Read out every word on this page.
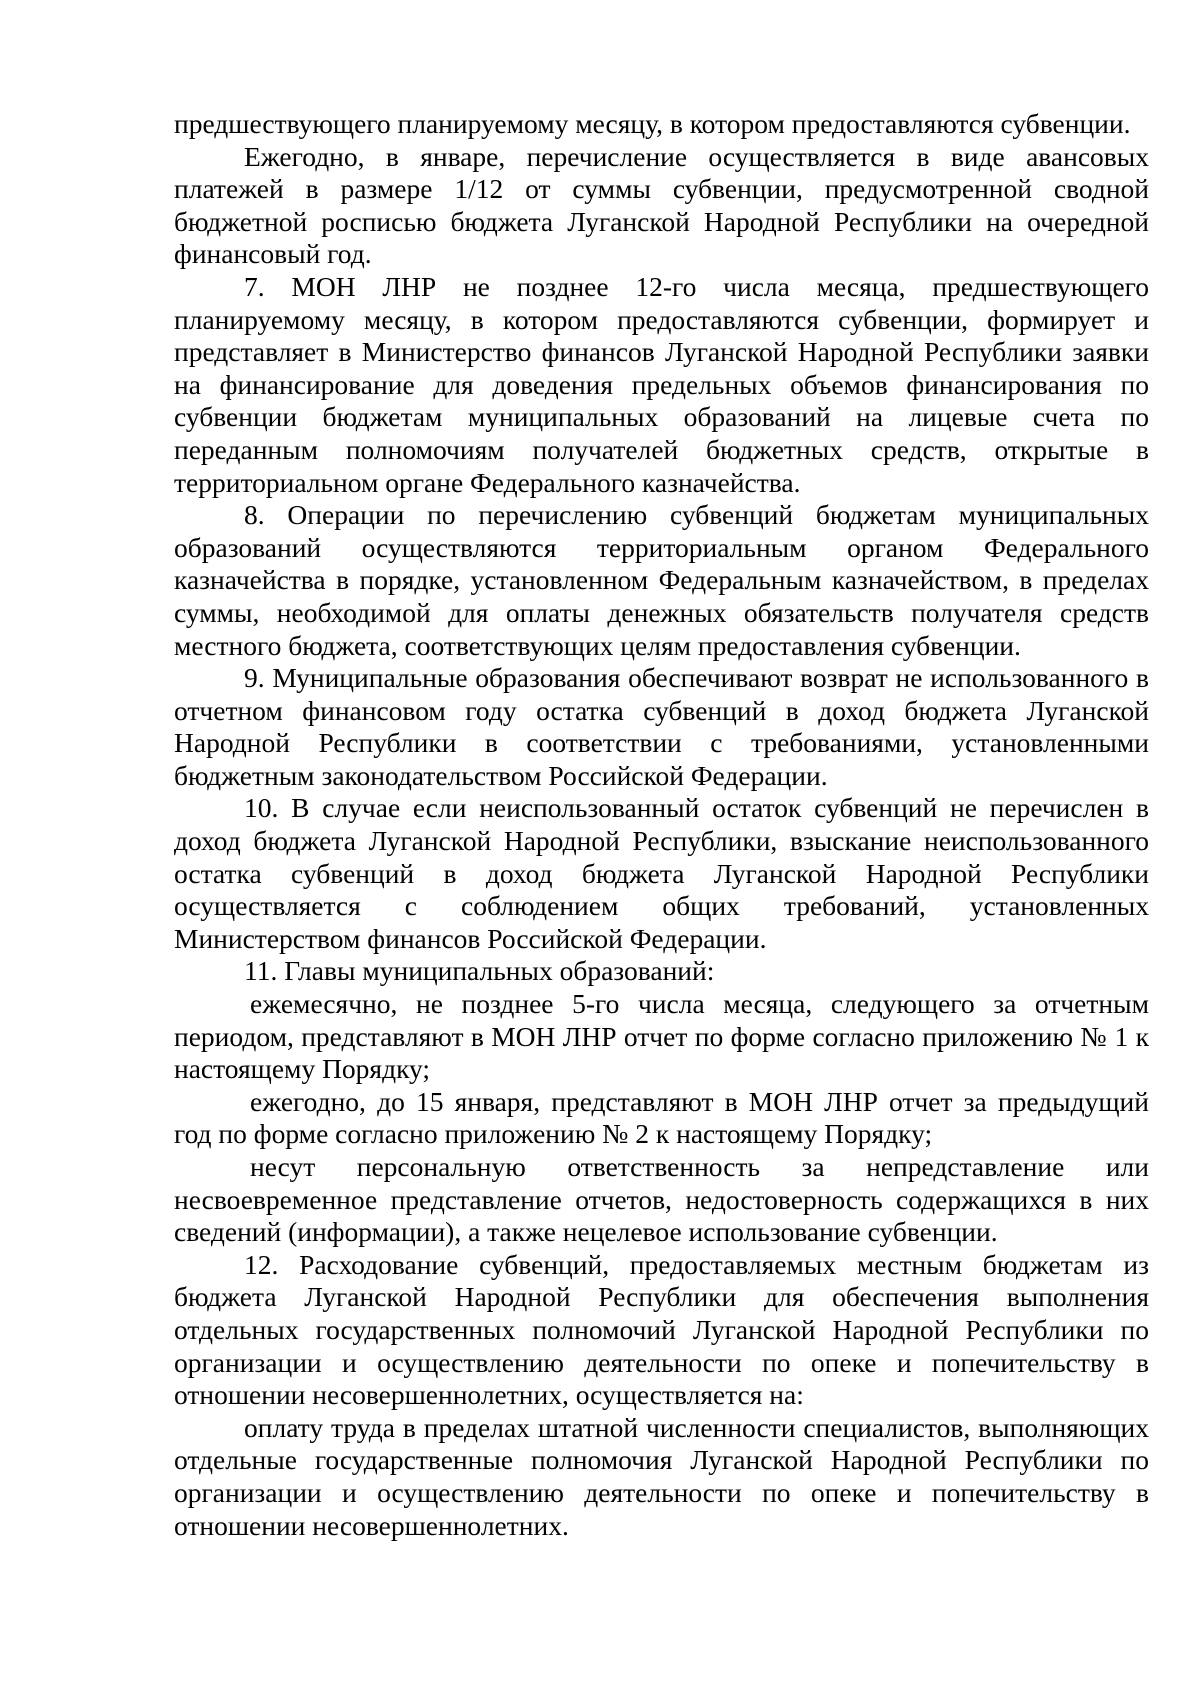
предшествующего планируемому месяцу, в котором предоставляются субвенции.

Ежегодно, в январе, перечисление осуществляется в виде авансовых платежей в размере 1/12 от суммы субвенции, предусмотренной сводной бюджетной росписью бюджета Луганской Народной Республики на очередной финансовый год.

7. МОН ЛНР не позднее 12-го числа месяца, предшествующего планируемому месяцу, в котором предоставляются субвенции, формирует и представляет в Министерство финансов Луганской Народной Республики заявки на финансирование для доведения предельных объемов финансирования по субвенции бюджетам муниципальных образований на лицевые счета по переданным полномочиям получателей бюджетных средств, открытые в территориальном органе Федерального казначейства.

8. Операции по перечислению субвенций бюджетам муниципальных образований осуществляются территориальным органом Федерального казначейства в порядке, установленном Федеральным казначейством, в пределах суммы, необходимой для оплаты денежных обязательств получателя средств местного бюджета, соответствующих целям предоставления субвенции.

9. Муниципальные образования обеспечивают возврат не использованного в отчетном финансовом году остатка субвенций в доход бюджета Луганской Народной Республики в соответствии с требованиями, установленными бюджетным законодательством Российской Федерации.

10. В случае если неиспользованный остаток субвенций не перечислен в доход бюджета Луганской Народной Республики, взыскание неиспользованного остатка субвенций в доход бюджета Луганской Народной Республики осуществляется с соблюдением общих требований, установленных Министерством финансов Российской Федерации.

11. Главы муниципальных образований:

ежемесячно, не позднее 5-го числа месяца, следующего за отчетным периодом, представляют в МОН ЛНР отчет по форме согласно приложению № 1 к настоящему Порядку;

ежегодно, до 15 января, представляют в МОН ЛНР отчет за предыдущий год по форме согласно приложению № 2 к настоящему Порядку;

несут персональную ответственность за непредставление или несвоевременное представление отчетов, недостоверность содержащихся в них сведений (информации), а также нецелевое использование субвенции.

12. Расходование субвенций, предоставляемых местным бюджетам из бюджета Луганской Народной Республики для обеспечения выполнения отдельных государственных полномочий Луганской Народной Республики по организации и осуществлению деятельности по опеке и попечительству в отношении несовершеннолетних, осуществляется на:

оплату труда в пределах штатной численности специалистов, выполняющих отдельные государственные полномочия Луганской Народной Республики по организации и осуществлению деятельности по опеке и попечительству в отношении несовершеннолетних.
